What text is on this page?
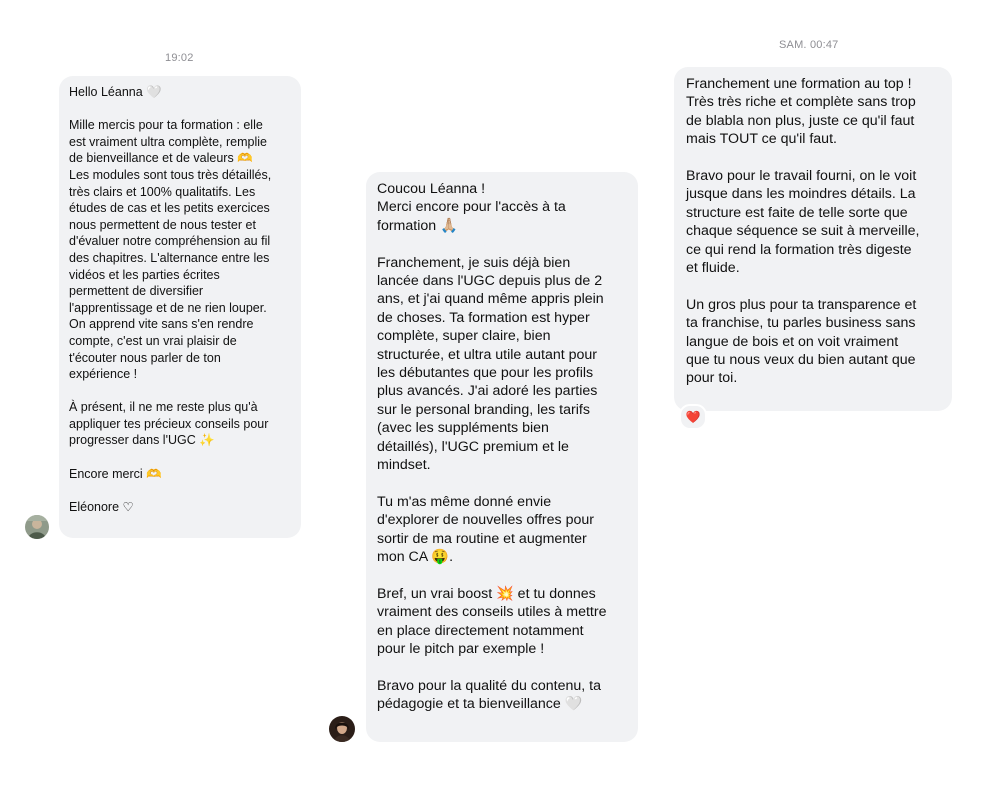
19:02
SAM. 00:47

Hello Léanna 🤍

Mille mercis pour ta formation : elle
est vraiment ultra complète, remplie
de bienveillance et de valeurs 🫶
Les modules sont tous très détaillés,
très clairs et 100% qualitatifs. Les
études de cas et les petits exercices
nous permettent de nous tester et
d'évaluer notre compréhension au fil
des chapitres. L'alternance entre les
vidéos et les parties écrites
permettent de diversifier
l'apprentissage et de ne rien louper.
On apprend vite sans s'en rendre
compte, c'est un vrai plaisir de
t'écouter nous parler de ton
expérience !

À présent, il ne me reste plus qu'à
appliquer tes précieux conseils pour
progresser dans l'UGC ✨

Encore merci 🫶

Eléonore ♡

Coucou Léanna !
Merci encore pour l'accès à ta
formation 🙏🏼

Franchement, je suis déjà bien
lancée dans l'UGC depuis plus de 2
ans, et j'ai quand même appris plein
de choses. Ta formation est hyper
complète, super claire, bien
structurée, et ultra utile autant pour
les débutantes que pour les profils
plus avancés. J'ai adoré les parties
sur le personal branding, les tarifs
(avec les suppléments bien
détaillés), l'UGC premium et le
mindset.

Tu m'as même donné envie
d'explorer de nouvelles offres pour
sortir de ma routine et augmenter
mon CA 🤑.

Bref, un vrai boost 💥 et tu donnes
vraiment des conseils utiles à mettre
en place directement notamment
pour le pitch par exemple !

Bravo pour la qualité du contenu, ta
pédagogie et ta bienveillance 🤍

Franchement une formation au top !
Très très riche et complète sans trop
de blabla non plus, juste ce qu'il faut
mais TOUT ce qu'il faut.

Bravo pour le travail fourni, on le voit
jusque dans les moindres détails. La
structure est faite de telle sorte que
chaque séquence se suit à merveille,
ce qui rend la formation très digeste
et fluide.

Un gros plus pour ta transparence et
ta franchise, tu parles business sans
langue de bois et on voit vraiment
que tu nous veux du bien autant que
pour toi.

❤️
